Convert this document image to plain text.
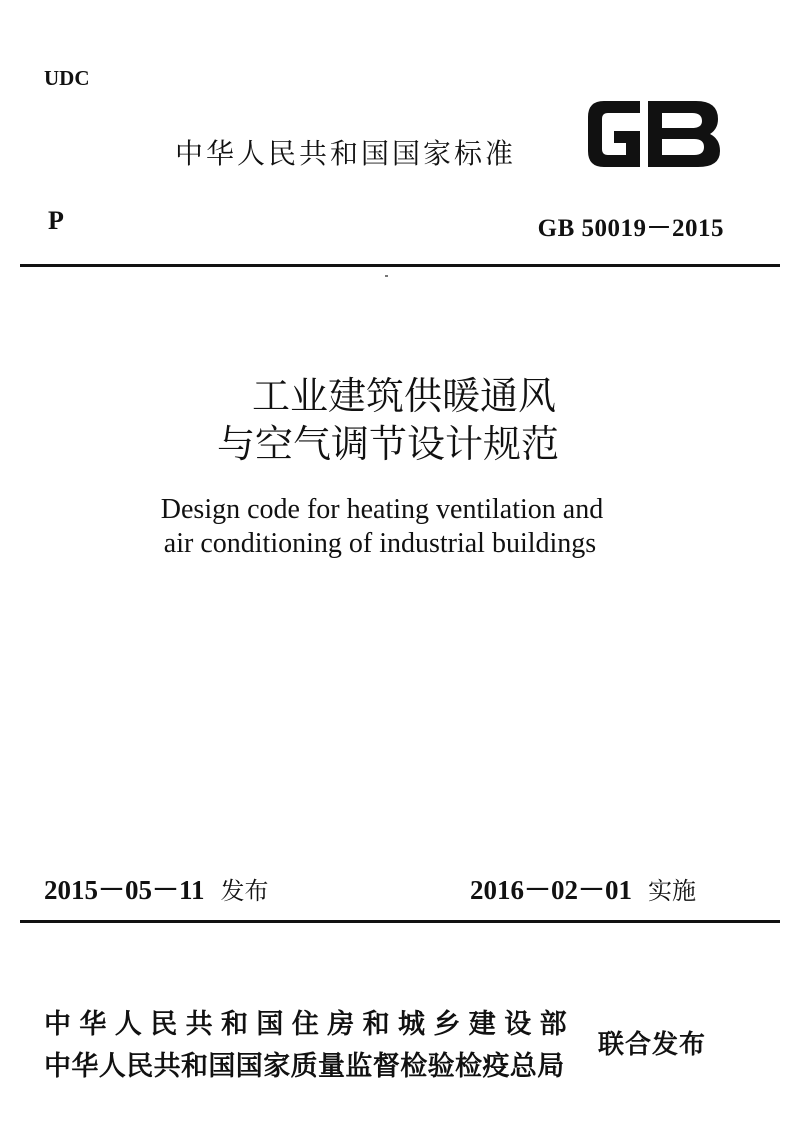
UDC
中华人民共和国国家标准
P	GB 50019－2015
工业建筑供暖通风
与空气调节设计规范
Design code for heating ventilation and
air conditioning of industrial buildings
2015－05－11 发布	2016－02－01 实施
中华人民共和国住房和城乡建设部
中华人民共和国国家质量监督检验检疫总局
联合发布
